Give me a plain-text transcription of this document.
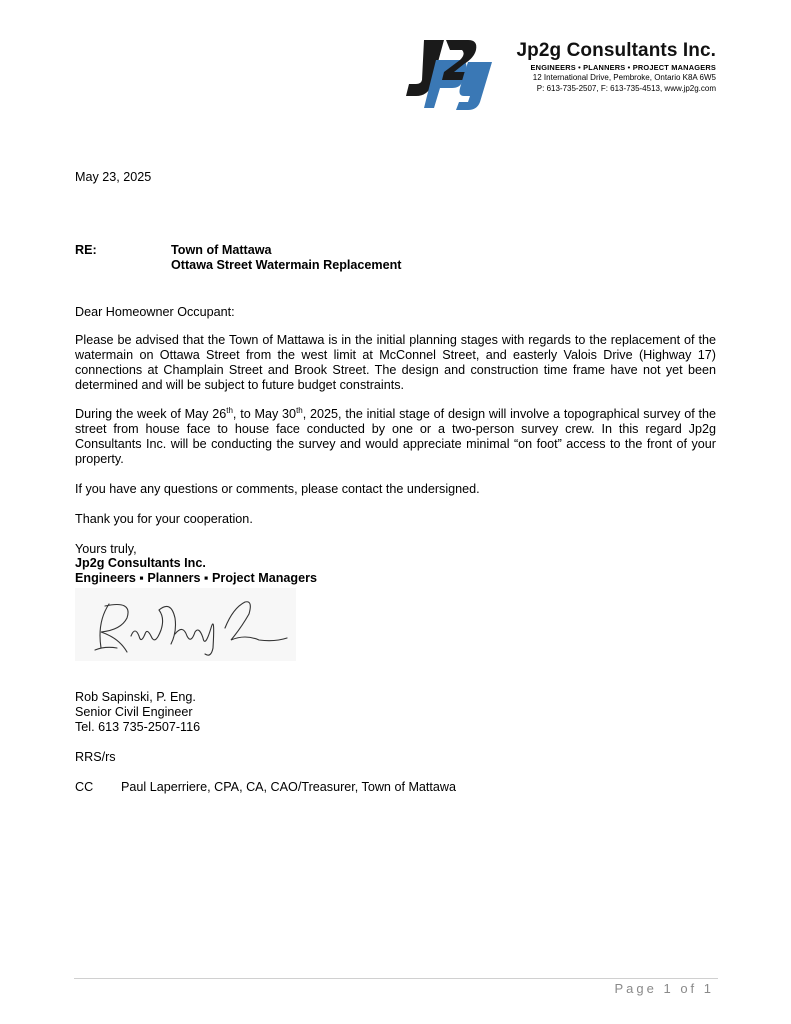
Jp2g Consultants Inc.
ENGINEERS • PLANNERS • PROJECT MANAGERS
12 International Drive, Pembroke, Ontario K8A 6W5
P: 613-735-2507, F: 613-735-4513, www.jp2g.com
May 23, 2025
RE:	Town of Mattawa
Ottawa Street Watermain Replacement
Dear Homeowner Occupant:
Please be advised that the Town of Mattawa is in the initial planning stages with regards to the replacement of the watermain on Ottawa Street from the west limit at McConnel Street, and easterly Valois Drive (Highway 17) connections at Champlain Street and Brook Street. The design and construction time frame have not yet been determined and will be subject to future budget constraints.
During the week of May 26th, to May 30th, 2025, the initial stage of design will involve a topographical survey of the street from house face to house face conducted by one or a two-person survey crew. In this regard Jp2g Consultants Inc. will be conducting the survey and would appreciate minimal “on foot” access to the front of your property.
If you have any questions or comments, please contact the undersigned.
Thank you for your cooperation.
Yours truly,
Jp2g Consultants Inc.
Engineers ▪ Planners ▪ Project Managers
Rob Sapinski, P. Eng.
Senior Civil Engineer
Tel. 613 735-2507-116
RRS/rs
CC Paul Laperriere, CPA, CA, CAO/Treasurer, Town of Mattawa
Page 1 of 1
